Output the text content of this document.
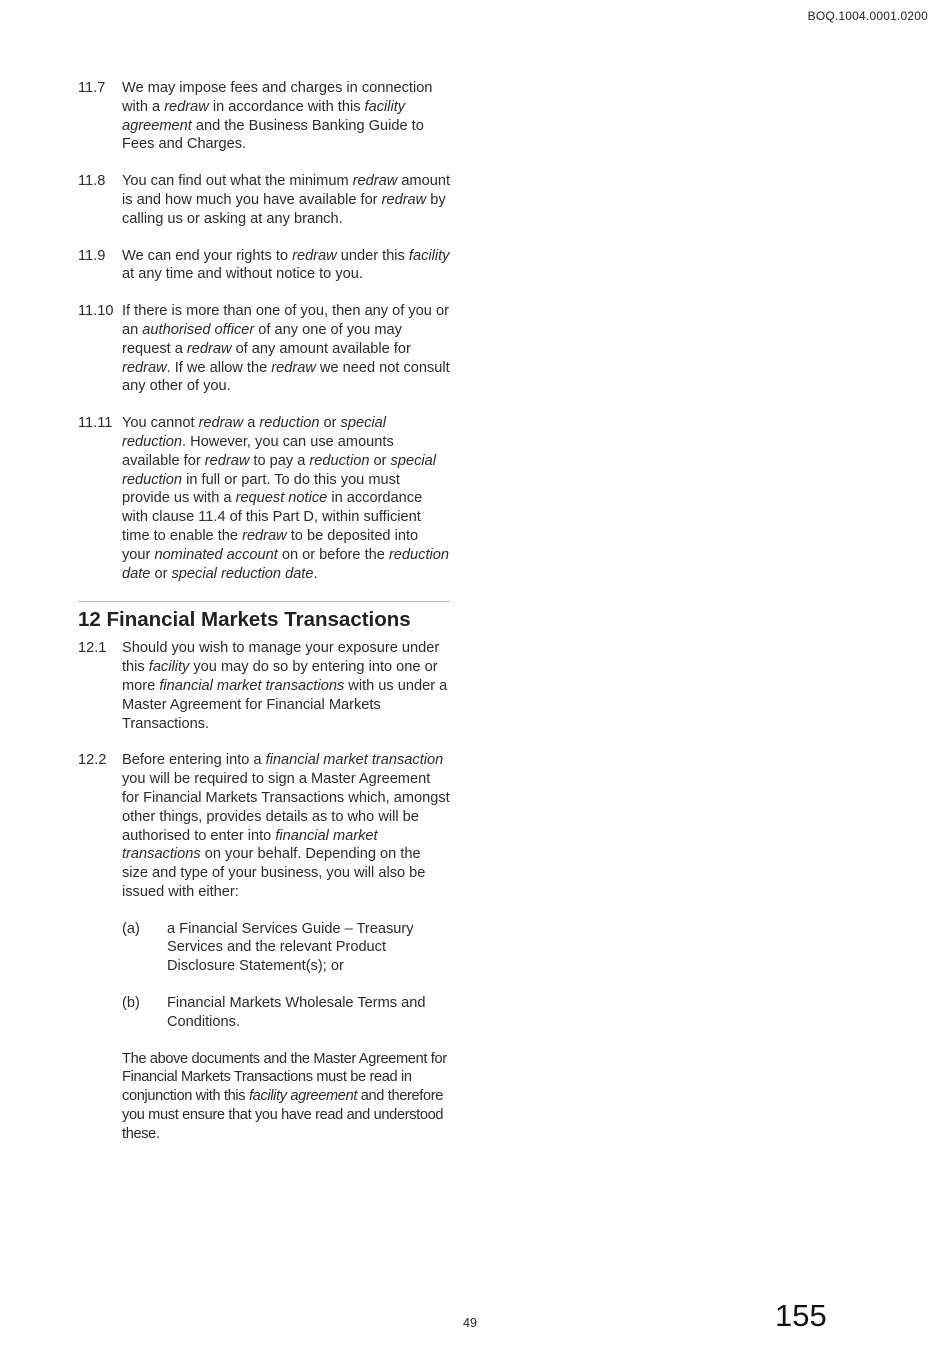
BOQ.1004.0001.0200
11.7	We may impose fees and charges in connection with a redraw in accordance with this facility agreement and the Business Banking Guide to Fees and Charges.
11.8	You can find out what the minimum redraw amount is and how much you have available for redraw by calling us or asking at any branch.
11.9	We can end your rights to redraw under this facility at any time and without notice to you.
11.10 If there is more than one of you, then any of you or an authorised officer of any one of you may request a redraw of any amount available for redraw. If we allow the redraw we need not consult any other of you.
11.11 You cannot redraw a reduction or special reduction. However, you can use amounts available for redraw to pay a reduction or special reduction in full or part. To do this you must provide us with a request notice in accordance with clause 11.4 of this Part D, within sufficient time to enable the redraw to be deposited into your nominated account on or before the reduction date or special reduction date.
12 Financial Markets Transactions
12.1	Should you wish to manage your exposure under this facility you may do so by entering into one or more financial market transactions with us under a Master Agreement for Financial Markets Transactions.
12.2	Before entering into a financial market transaction you will be required to sign a Master Agreement for Financial Markets Transactions which, amongst other things, provides details as to who will be authorised to enter into financial market transactions on your behalf. Depending on the size and type of your business, you will also be issued with either:
(a)	a Financial Services Guide – Treasury Services and the relevant Product Disclosure Statement(s); or
(b)	Financial Markets Wholesale Terms and Conditions.
The above documents and the Master Agreement for Financial Markets Transactions must be read in conjunction with this facility agreement and therefore you must ensure that you have read and understood these.
49	155
